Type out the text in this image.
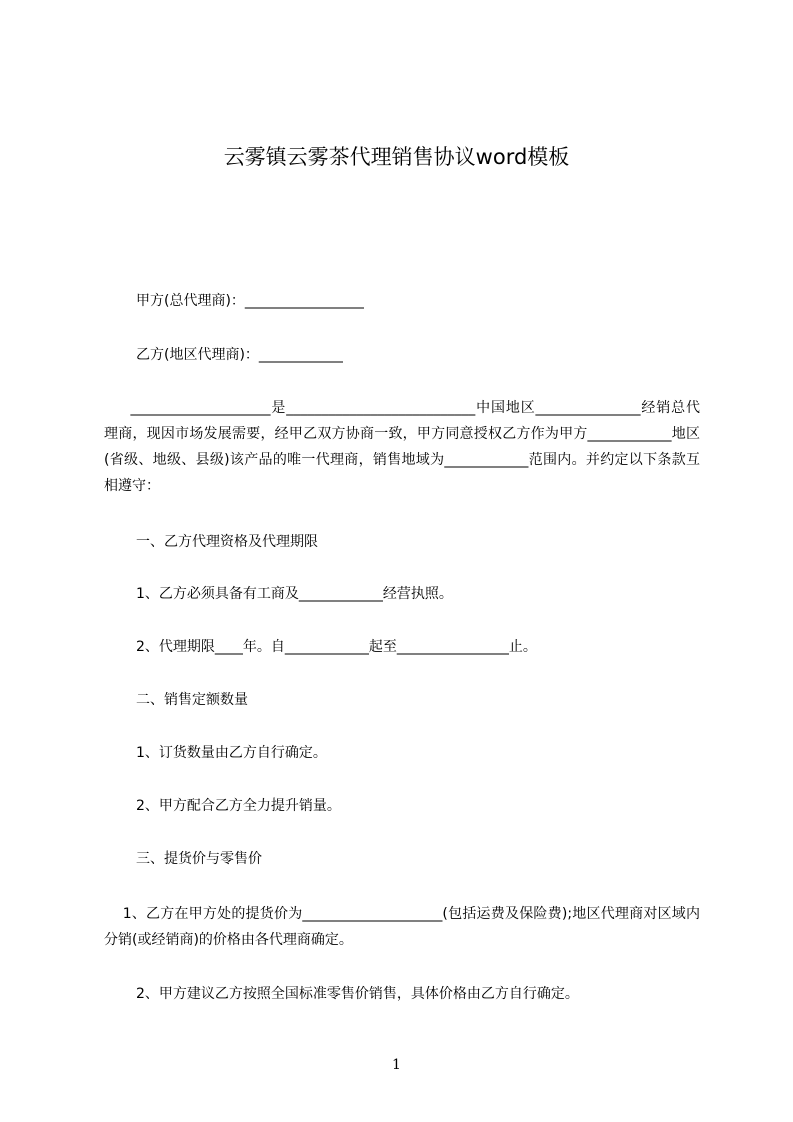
云雾镇云雾茶代理销售协议word模板
甲方(总代理商)：_________________
乙方(地区代理商)：____________
____________________是___________________________中国地区_______________经销总代理商，现因市场发展需要，经甲乙双方协商一致，甲方同意授权乙方作为甲方____________地区(省级、地级、县级)该产品的唯一代理商，销售地域为____________范围内。并约定以下条款互相遵守：
一、乙方代理资格及代理期限
1、乙方必须具备有工商及____________经营执照。
2、代理期限____年。自____________起至________________止。
二、销售定额数量
1、订货数量由乙方自行确定。
2、甲方配合乙方全力提升销量。
三、提货价与零售价
1、乙方在甲方处的提货价为____________________(包括运费及保险费);地区代理商对区域内分销(或经销商)的价格由各代理商确定。
2、甲方建议乙方按照全国标准零售价销售，具体价格由乙方自行确定。
1
